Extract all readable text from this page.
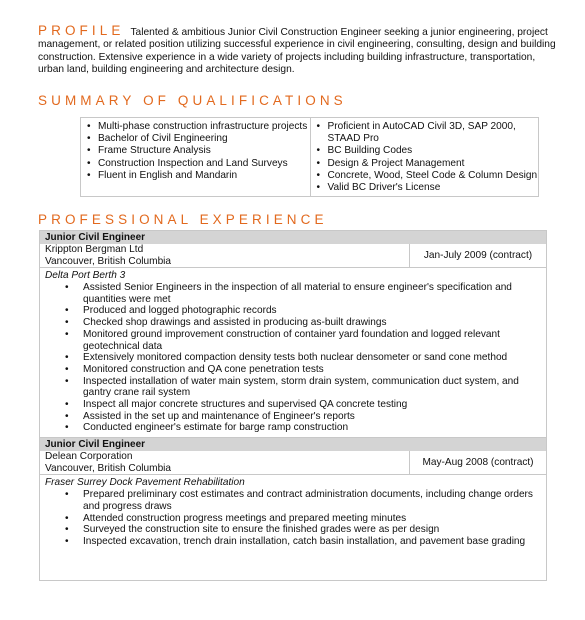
PROFILE Talented & ambitious Junior Civil Construction Engineer seeking a junior engineering, project management, or related position utilizing successful experience in civil engineering, consulting, design and building construction. Extensive experience in a wide variety of projects including building infrastructure, transportation, urban land, building engineering and architecture design.
SUMMARY OF QUALIFICATIONS
• Multi-phase construction infrastructure projects
• Bachelor of Civil Engineering
• Frame Structure Analysis
• Construction Inspection and Land Surveys
• Fluent in English and Mandarin
• Proficient in AutoCAD Civil 3D, SAP 2000, STAAD Pro
• BC Building Codes
• Design & Project Management
• Concrete, Wood, Steel Code & Column Design
• Valid BC Driver's License
PROFESSIONAL EXPERIENCE
Junior Civil Engineer
Krippton Bergman Ltd
Vancouver, British Columbia	Jan-July 2009 (contract)
Delta Port Berth 3
• Assisted Senior Engineers in the inspection of all material to ensure engineer's specification and quantities were met
• Produced and logged photographic records
• Checked shop drawings and assisted in producing as-built drawings
• Monitored ground improvement construction of container yard foundation and logged relevant geotechnical data
• Extensively monitored compaction density tests both nuclear densometer or sand cone method
• Monitored construction and QA cone penetration tests
• Inspected installation of water main system, storm drain system, communication duct system, and gantry crane rail system
• Inspect all major concrete structures and supervised QA concrete testing
• Assisted in the set up and maintenance of Engineer's reports
• Conducted engineer's estimate for barge ramp construction
Junior Civil Engineer
Delean Corporation
Vancouver, British Columbia	May-Aug 2008 (contract)
Fraser Surrey Dock Pavement Rehabilitation
• Prepared preliminary cost estimates and contract administration documents, including change orders and progress draws
• Attended construction progress meetings and prepared meeting minutes
• Surveyed the construction site to ensure the finished grades were as per design
• Inspected excavation, trench drain installation, catch basin installation, and pavement base grading
